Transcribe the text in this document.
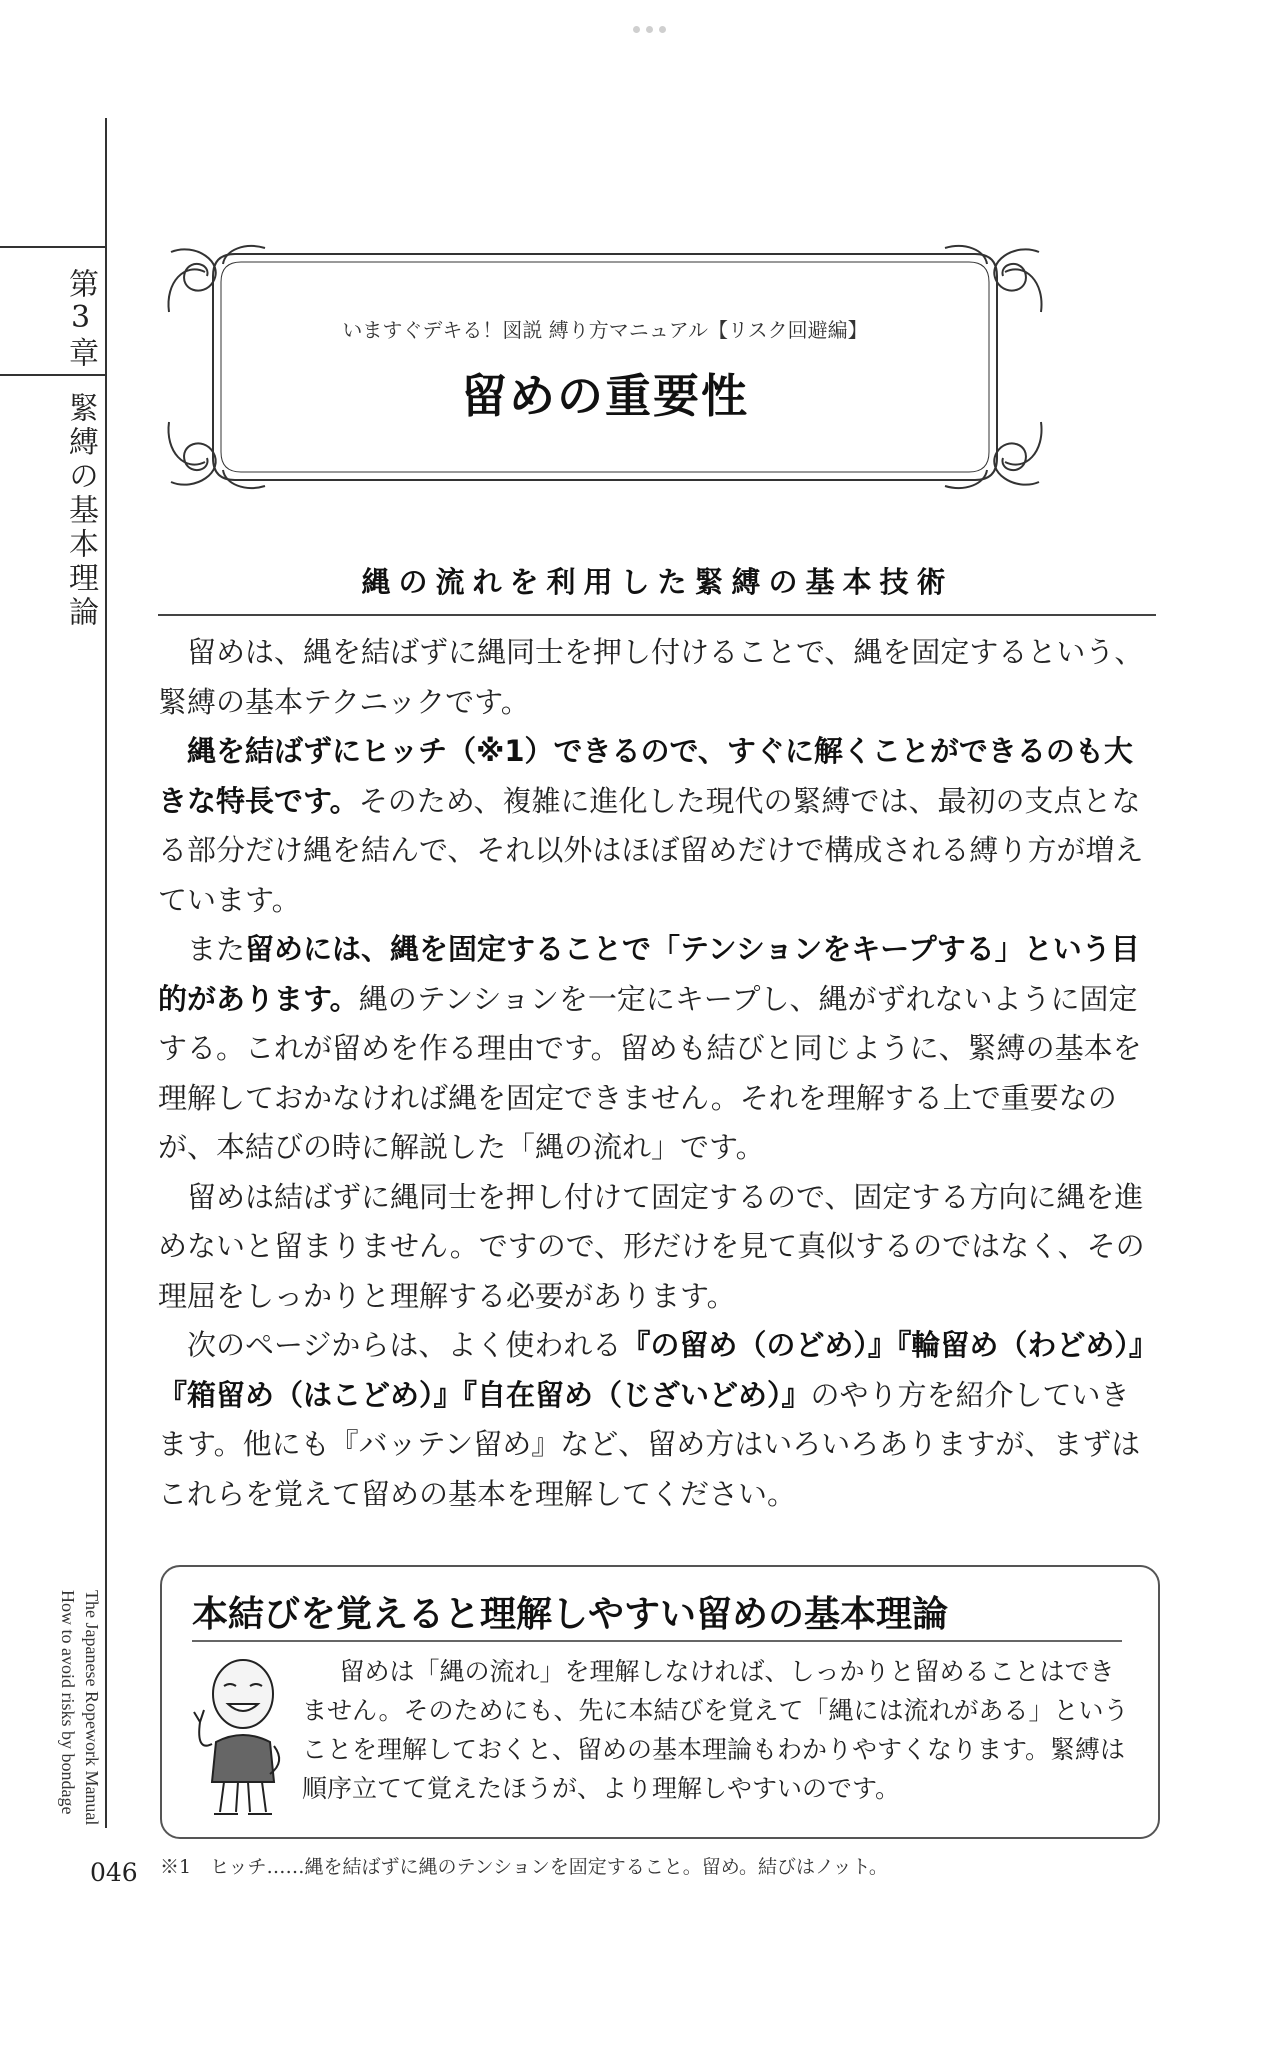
第3章
緊縛の基本理論
The Japanese Ropework Manual
How to avoid risks by bondage
046
いますぐデキる！図説 縛り方マニュアル【リスク回避編】
留めの重要性
縄の流れを利用した緊縛の基本技術

留めは、縄を結ばずに縄同士を押し付けることで、縄を固定するという、緊縛の基本テクニックです。

縄を結ばずにヒッチ（※1）できるので、すぐに解くことができるのも大きな特長です。そのため、複雑に進化した現代の緊縛では、最初の支点となる部分だけ縄を結んで、それ以外はほぼ留めだけで構成される縛り方が増えています。

また留めには、縄を固定することで「テンションをキープする」という目的があります。縄のテンションを一定にキープし、縄がずれないように固定する。これが留めを作る理由です。留めも結びと同じように、緊縛の基本を理解しておかなければ縄を固定できません。それを理解する上で重要なのが、本結びの時に解説した「縄の流れ」です。

留めは結ばずに縄同士を押し付けて固定するので、固定する方向に縄を進めないと留まりません。ですので、形だけを見て真似するのではなく、その理屈をしっかりと理解する必要があります。

次のページからは、よく使われる『の留め（のどめ）』『輪留め（わどめ）』『箱留め（はこどめ）』『自在留め（じざいどめ）』のやり方を紹介していきます。他にも『バッテン留め』など、留め方はいろいろありますが、まずはこれらを覚えて留めの基本を理解してください。

本結びを覚えると理解しやすい留めの基本理論

留めは「縄の流れ」を理解しなければ、しっかりと留めることはできません。そのためにも、先に本結びを覚えて「縄には流れがある」ということを理解しておくと、留めの基本理論もわかりやすくなります。緊縛は順序立てて覚えたほうが、より理解しやすいのです。

※1　ヒッチ……縄を結ばずに縄のテンションを固定すること。留め。結びはノット。
